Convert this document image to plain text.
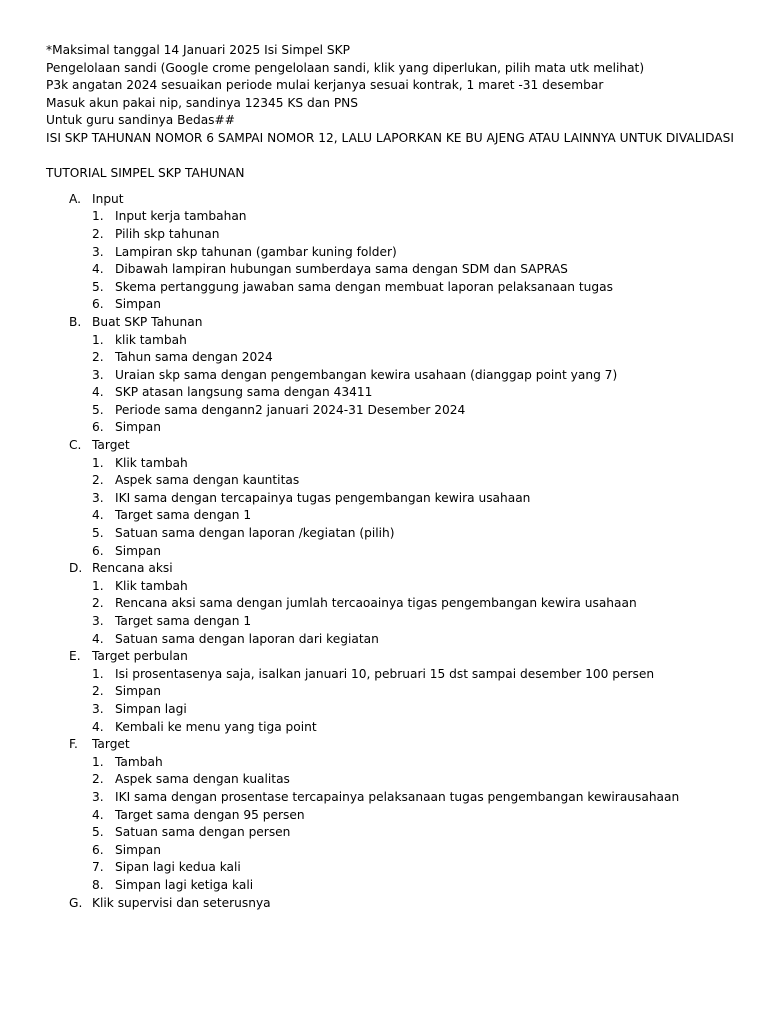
*Maksimal tanggal 14 Januari 2025 Isi Simpel SKP
Pengelolaan sandi (Google crome pengelolaan sandi, klik yang diperlukan, pilih mata utk melihat)
P3k angatan 2024 sesuaikan periode mulai kerjanya sesuai kontrak, 1 maret -31 desembar
Masuk akun pakai nip, sandinya 12345 KS dan PNS
Untuk guru sandinya Bedas##
ISI SKP TAHUNAN NOMOR 6 SAMPAI NOMOR 12, LALU LAPORKAN KE BU AJENG ATAU LAINNYA UNTUK DIVALIDASI
TUTORIAL SIMPEL SKP TAHUNAN
A. Input
1. Input kerja tambahan
2. Pilih skp tahunan
3. Lampiran skp tahunan (gambar kuning folder)
4. Dibawah lampiran hubungan sumberdaya sama dengan SDM dan SAPRAS
5. Skema pertanggung jawaban sama dengan membuat laporan pelaksanaan tugas
6. Simpan
B. Buat SKP Tahunan
1. klik tambah
2. Tahun sama dengan 2024
3. Uraian skp sama dengan pengembangan kewira usahaan (dianggap point yang 7)
4. SKP atasan langsung sama dengan 43411
5. Periode sama dengann2 januari 2024-31 Desember 2024
6. Simpan
C. Target
1. Klik tambah
2. Aspek sama dengan kauntitas
3. IKI sama dengan tercapainya tugas pengembangan kewira usahaan
4. Target sama dengan 1
5. Satuan sama dengan laporan /kegiatan (pilih)
6. Simpan
D. Rencana aksi
1. Klik tambah
2. Rencana aksi sama dengan jumlah tercaoainya tigas pengembangan kewira usahaan
3. Target sama dengan 1
4. Satuan sama dengan laporan dari kegiatan
E. Target perbulan
1. Isi prosentasenya saja, isalkan januari 10, pebruari 15 dst sampai desember 100 persen
2. Simpan
3. Simpan lagi
4. Kembali ke menu yang tiga point
F. Target
1. Tambah
2. Aspek sama dengan kualitas
3. IKI sama dengan prosentase tercapainya pelaksanaan tugas pengembangan kewirausahaan
4. Target sama dengan 95 persen
5. Satuan sama dengan persen
6. Simpan
7. Sipan lagi kedua kali
8. Simpan lagi ketiga kali
G. Klik supervisi dan seterusnya
